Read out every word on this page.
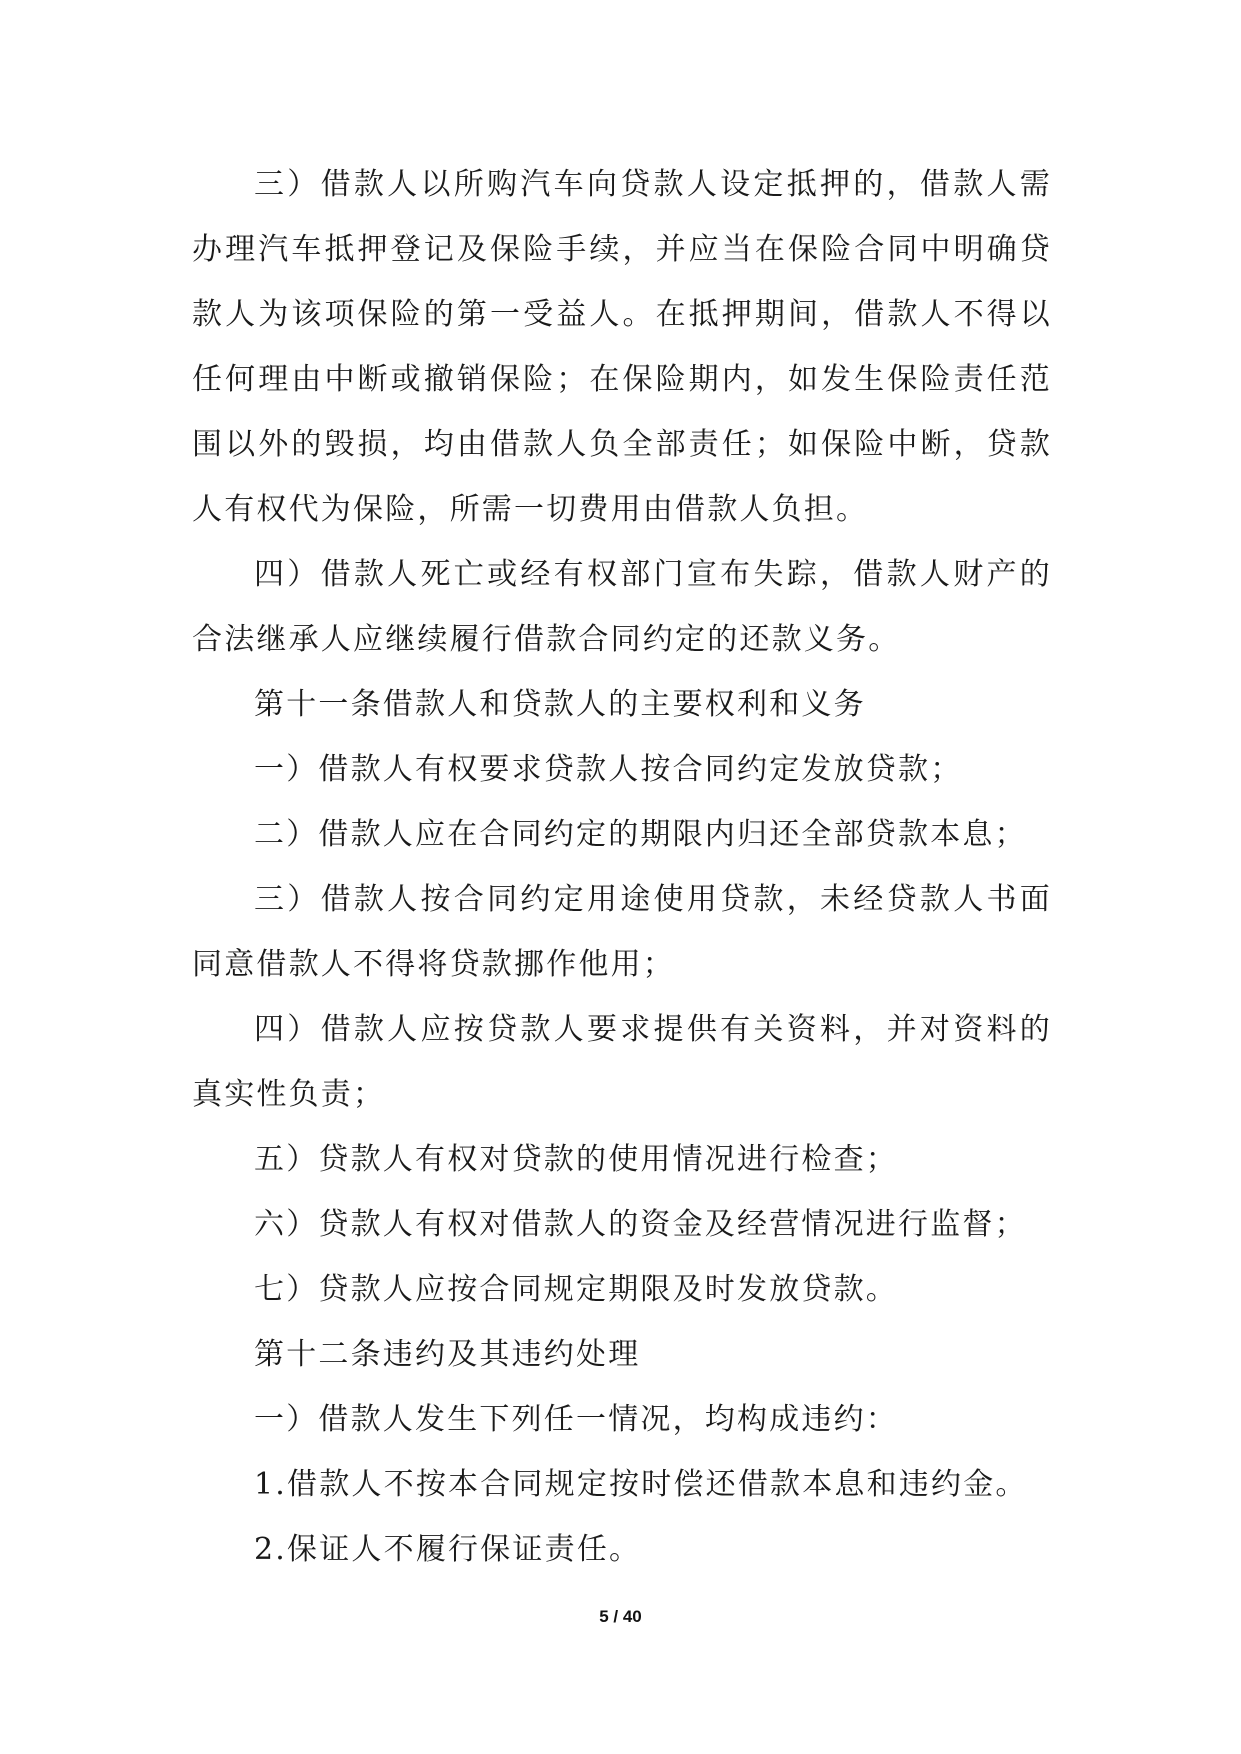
三）借款人以所购汽车向贷款人设定抵押的，借款人需办理汽车抵押登记及保险手续，并应当在保险合同中明确贷款人为该项保险的第一受益人。在抵押期间，借款人不得以任何理由中断或撤销保险；在保险期内，如发生保险责任范围以外的毁损，均由借款人负全部责任；如保险中断，贷款人有权代为保险，所需一切费用由借款人负担。

四）借款人死亡或经有权部门宣布失踪，借款人财产的合法继承人应继续履行借款合同约定的还款义务。

第十一条借款人和贷款人的主要权利和义务

一）借款人有权要求贷款人按合同约定发放贷款；

二）借款人应在合同约定的期限内归还全部贷款本息；

三）借款人按合同约定用途使用贷款，未经贷款人书面同意借款人不得将贷款挪作他用；

四）借款人应按贷款人要求提供有关资料，并对资料的真实性负责；

五）贷款人有权对贷款的使用情况进行检查；

六）贷款人有权对借款人的资金及经营情况进行监督；

七）贷款人应按合同规定期限及时发放贷款。

第十二条违约及其违约处理

一）借款人发生下列任一情况，均构成违约：

1.借款人不按本合同规定按时偿还借款本息和违约金。

2.保证人不履行保证责任。

5 / 40
